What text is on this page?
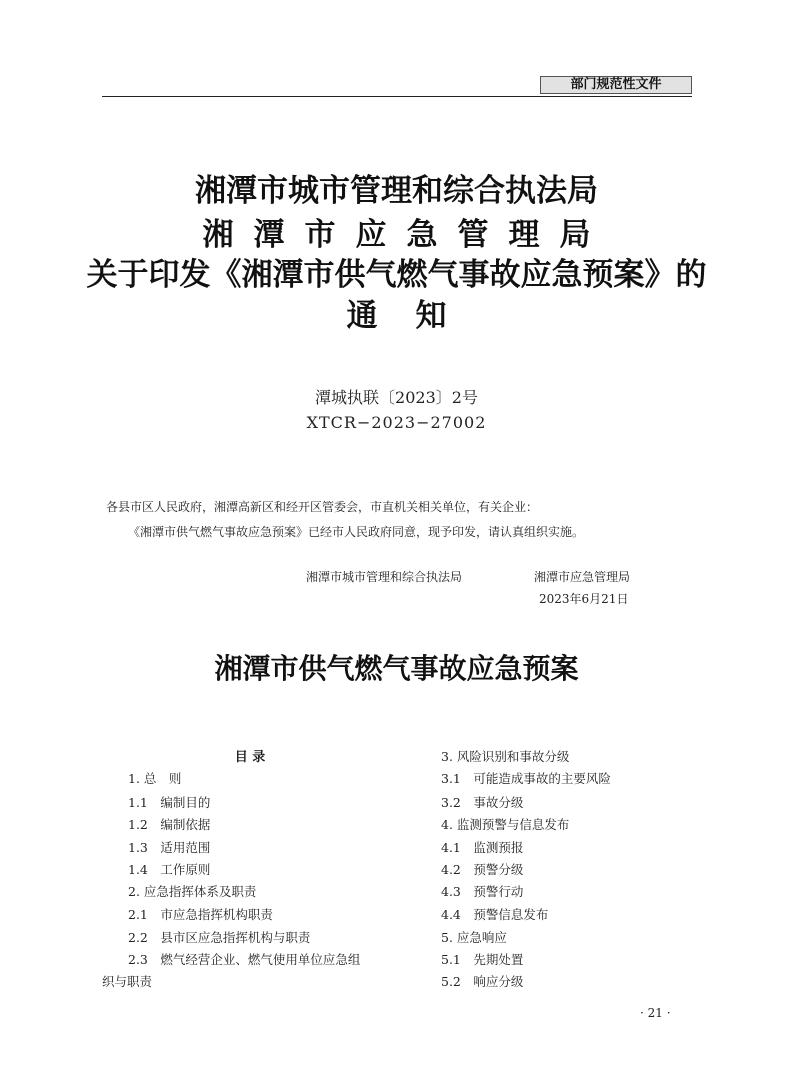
部门规范性文件
湘潭市城市管理和综合执法局
湘潭市应急管理局
关于印发《湘潭市供气燃气事故应急预案》的
通知
潭城执联〔2023〕2号
XTCR−2023−27002
各县市区人民政府，湘潭高新区和经开区管委会，市直机关相关单位，有关企业：
《湘潭市供气燃气事故应急预案》已经市人民政府同意，现予印发，请认真组织实施。
湘潭市城市管理和综合执法局	湘潭市应急管理局
2023年6月21日
湘潭市供气燃气事故应急预案
目 录
1. 总　则
1.1　编制目的
1.2　编制依据
1.3　适用范围
1.4　工作原则
2. 应急指挥体系及职责
2.1　市应急指挥机构职责
2.2　县市区应急指挥机构与职责
2.3　燃气经营企业、燃气使用单位应急组
织与职责
3. 风险识别和事故分级
3.1　可能造成事故的主要风险
3.2　事故分级
4. 监测预警与信息发布
4.1　监测预报
4.2　预警分级
4.3　预警行动
4.4　预警信息发布
5. 应急响应
5.1　先期处置
5.2　响应分级
· 21 ·
